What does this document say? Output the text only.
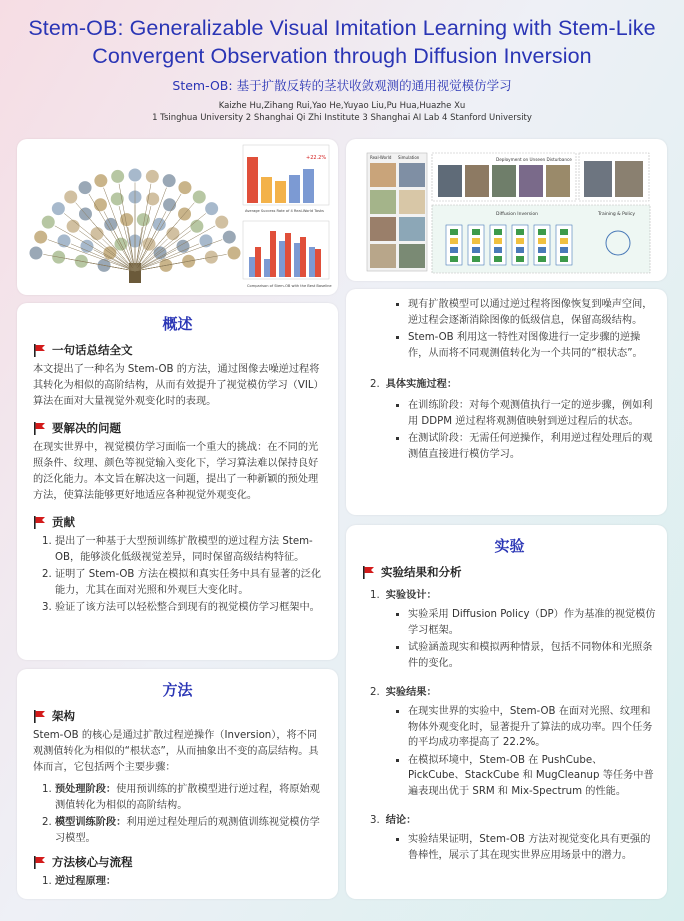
Stem-OB: Generalizable Visual Imitation Learning with Stem-Like
Convergent Observation through Diffusion Inversion
Stem-OB: 基于扩散反转的茎状收敛观测的通用视觉模仿学习
Kaizhe Hu,Zihang Rui,Yao He,Yuyao Liu,Pu Hua,Huazhe Xu
1 Tsinghua University 2 Shanghai Qi Zhi Institute 3 Shanghai AI Lab 4 Stanford University
+22.2%
Average Success Rate of 4 Real-World Tasks
Comparison of Stem-OB with the Best Baseline
Real-World Simulation	Deployment on Unseen Disturbance
Diffusion Inversion	Training & Policy
概述
一句话总结全文

本文提出了一种名为 Stem-OB 的方法，通过图像去噪逆过程将其转化为相似的高阶结构，从而有效提升了视觉模仿学习（VIL）算法在面对大量视觉外观变化时的表现。

要解决的问题

在现实世界中，视觉模仿学习面临一个重大的挑战：在不同的光照条件、纹理、颜色等视觉输入变化下，学习算法难以保持良好的泛化能力。本文旨在解决这一问题，提出了一种新颖的预处理方法，使算法能够更好地适应各种视觉外观变化。

贡献
1. 提出了一种基于大型预训练扩散模型的逆过程方法 Stem-OB，能够淡化低级视觉差异，同时保留高级结构特征。
2. 证明了 Stem-OB 方法在模拟和真实任务中具有显著的泛化能力，尤其在面对光照和外观巨大变化时。
3. 验证了该方法可以轻松整合到现有的视觉模仿学习框架中。
方法
架构

Stem-OB 的核心是通过扩散过程逆操作（Inversion），将不同观测值转化为相似的“根状态”，从而抽象出不变的高层结构。具体而言，它包括两个主要步骤：

1. 预处理阶段：使用预训练的扩散模型进行逆过程，将原始观测值转化为相似的高阶结构。
2. 模型训练阶段：利用逆过程处理后的观测值训练视觉模仿学习模型。
方法核心与流程
1. 逆过程原理：
▪ 现有扩散模型可以通过逆过程将图像恢复到噪声空间，逆过程会逐渐消除图像的低级信息，保留高级结构。
▪ Stem-OB 利用这一特性对图像进行一定步骤的逆操作，从而将不同观测值转化为一个共同的“根状态”。
2. 具体实施过程：
▪ 在训练阶段：对每个观测值执行一定的逆步骤，例如利用 DDPM 逆过程将观测值映射到逆过程后的状态。
▪ 在测试阶段：无需任何逆操作，利用逆过程处理后的观测值直接进行模仿学习。
实验
实验结果和分析
1. 实验设计：
▪ 实验采用 Diffusion Policy（DP）作为基准的视觉模仿学习框架。
▪ 试验涵盖现实和模拟两种情景，包括不同物体和光照条件的变化。
2. 实验结果：
▪ 在现实世界的实验中，Stem-OB 在面对光照、纹理和物体外观变化时，显著提升了算法的成功率。四个任务的平均成功率提高了 22.2%。
▪ 在模拟环境中，Stem-OB 在 PushCube、PickCube、StackCube 和 MugCleanup 等任务中普遍表现出优于 SRM 和 Mix-Spectrum 的性能。
3. 结论：
▪ 实验结果证明，Stem-OB 方法对视觉变化具有更强的鲁棒性，展示了其在现实世界应用场景中的潜力。
